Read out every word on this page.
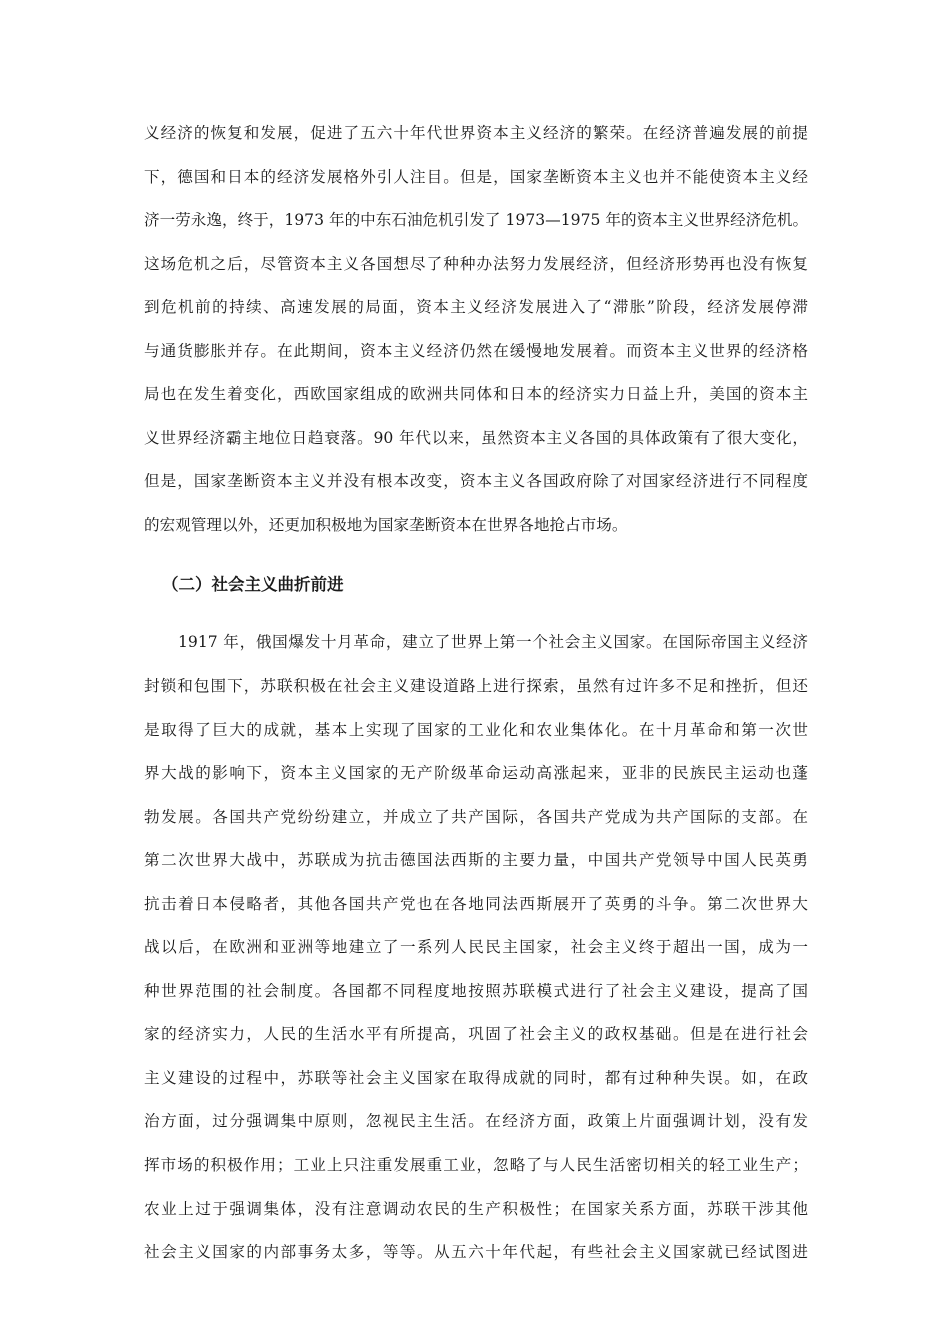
义经济的恢复和发展，促进了五六十年代世界资本主义经济的繁荣。在经济普遍发展的前提
下，德国和日本的经济发展格外引人注目。但是，国家垄断资本主义也并不能使资本主义经
济一劳永逸，终于，1973 年的中东石油危机引发了 1973—1975 年的资本主义世界经济危机。
这场危机之后，尽管资本主义各国想尽了种种办法努力发展经济，但经济形势再也没有恢复
到危机前的持续、高速发展的局面，资本主义经济发展进入了“滞胀”阶段，经济发展停滞
与通货膨胀并存。在此期间，资本主义经济仍然在缓慢地发展着。而资本主义世界的经济格
局也在发生着变化，西欧国家组成的欧洲共同体和日本的经济实力日益上升，美国的资本主
义世界经济霸主地位日趋衰落。90 年代以来，虽然资本主义各国的具体政策有了很大变化，
但是，国家垄断资本主义并没有根本改变，资本主义各国政府除了对国家经济进行不同程度
的宏观管理以外，还更加积极地为国家垄断资本在世界各地抢占市场。
（二）社会主义曲折前进
1917 年，俄国爆发十月革命，建立了世界上第一个社会主义国家。在国际帝国主义经济
封锁和包围下，苏联积极在社会主义建设道路上进行探索，虽然有过许多不足和挫折，但还
是取得了巨大的成就，基本上实现了国家的工业化和农业集体化。在十月革命和第一次世
界大战的影响下，资本主义国家的无产阶级革命运动高涨起来，亚非的民族民主运动也蓬
勃发展。各国共产党纷纷建立，并成立了共产国际，各国共产党成为共产国际的支部。在
第二次世界大战中，苏联成为抗击德国法西斯的主要力量，中国共产党领导中国人民英勇
抗击着日本侵略者，其他各国共产党也在各地同法西斯展开了英勇的斗争。第二次世界大
战以后，在欧洲和亚洲等地建立了一系列人民民主国家，社会主义终于超出一国，成为一
种世界范围的社会制度。各国都不同程度地按照苏联模式进行了社会主义建设，提高了国
家的经济实力，人民的生活水平有所提高，巩固了社会主义的政权基础。但是在进行社会
主义建设的过程中，苏联等社会主义国家在取得成就的同时，都有过种种失误。如，在政
治方面，过分强调集中原则，忽视民主生活。在经济方面，政策上片面强调计划，没有发
挥市场的积极作用；工业上只注重发展重工业，忽略了与人民生活密切相关的轻工业生产；
农业上过于强调集体，没有注意调动农民的生产积极性；在国家关系方面，苏联干涉其他
社会主义国家的内部事务太多，等等。从五六十年代起，有些社会主义国家就已经试图进
